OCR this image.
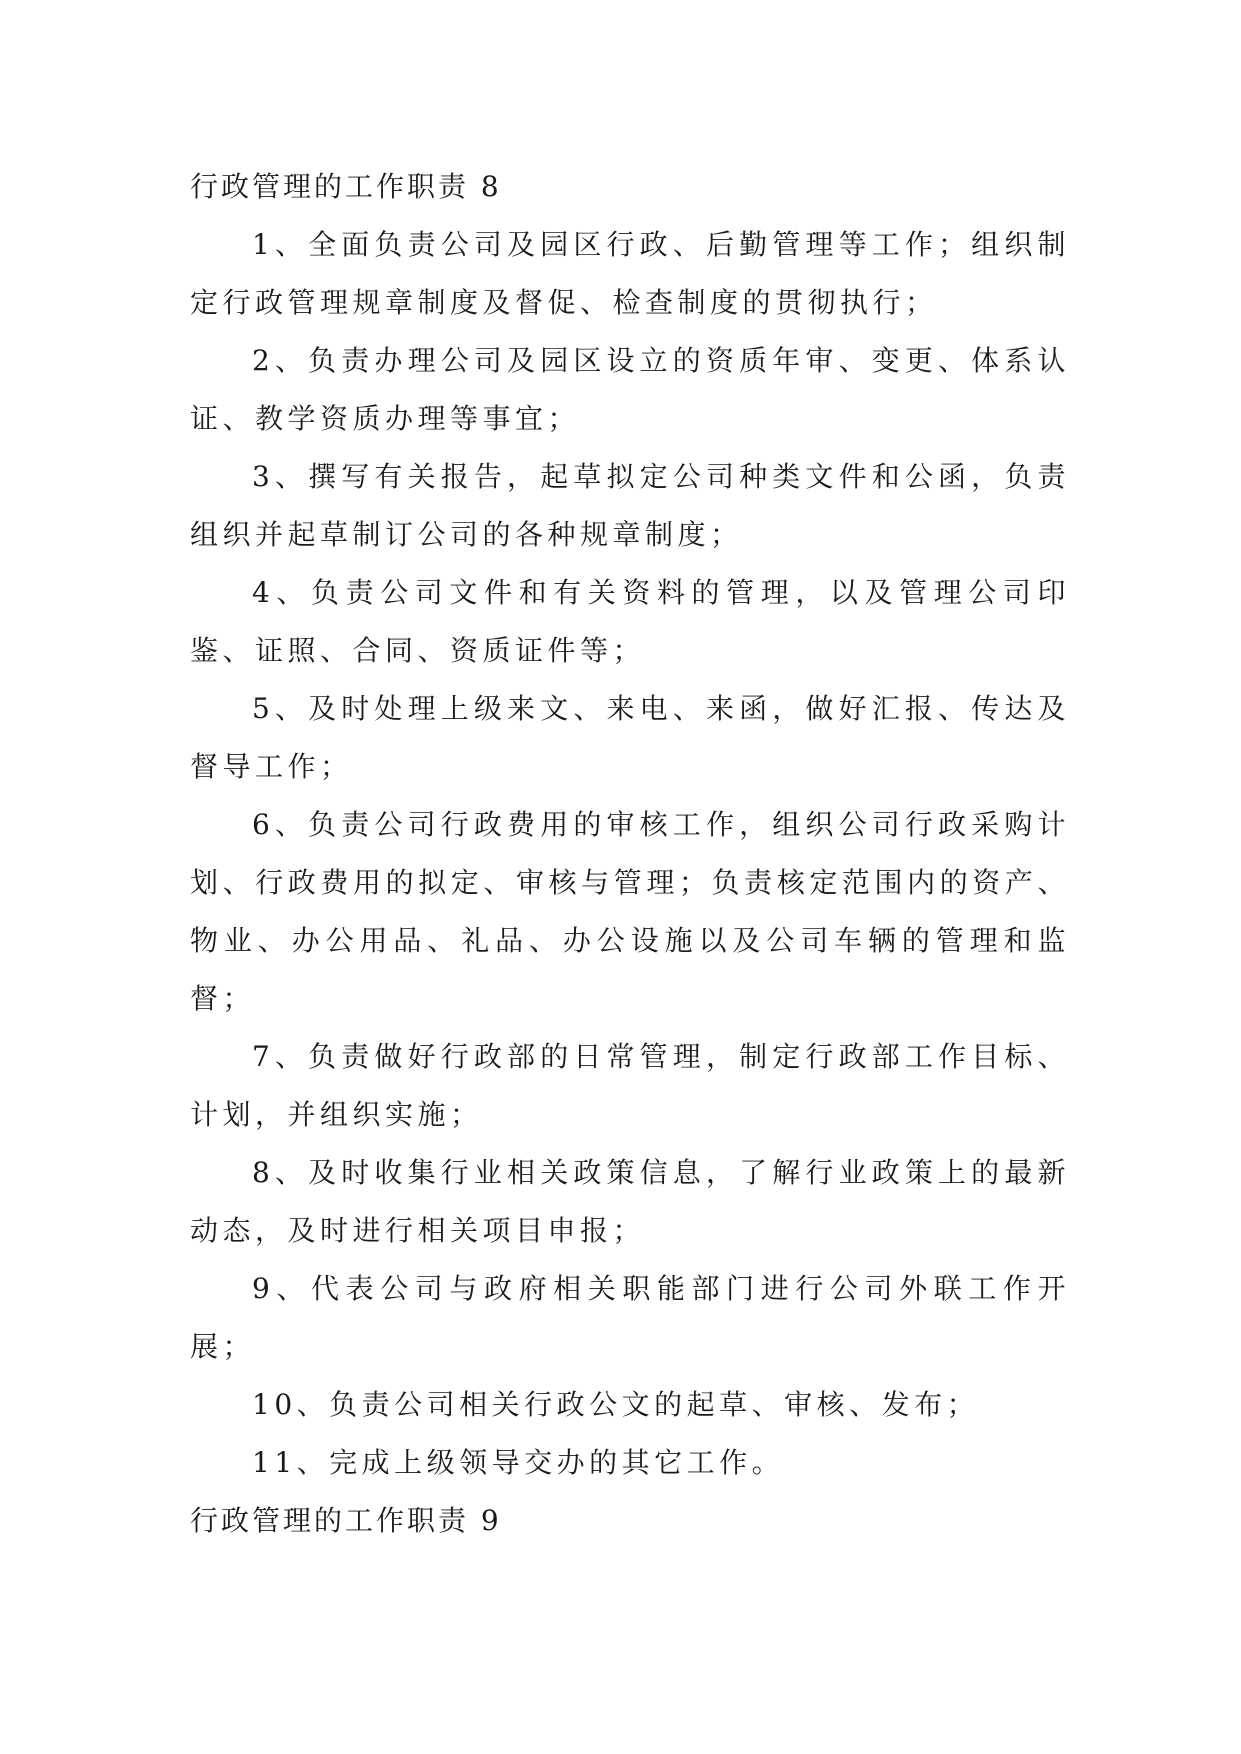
行政管理的工作职责 8

1、全面负责公司及园区行政、后勤管理等工作；组织制定行政管理规章制度及督促、检查制度的贯彻执行；

2、负责办理公司及园区设立的资质年审、变更、体系认证、教学资质办理等事宜；

3、撰写有关报告，起草拟定公司种类文件和公函，负责组织并起草制订公司的各种规章制度；

4、负责公司文件和有关资料的管理，以及管理公司印鉴、证照、合同、资质证件等；

5、及时处理上级来文、来电、来函，做好汇报、传达及督导工作；

6、负责公司行政费用的审核工作，组织公司行政采购计划、行政费用的拟定、审核与管理；负责核定范围内的资产、物业、办公用品、礼品、办公设施以及公司车辆的管理和监督；

7、负责做好行政部的日常管理，制定行政部工作目标、计划，并组织实施；

8、及时收集行业相关政策信息，了解行业政策上的最新动态，及时进行相关项目申报；

9、代表公司与政府相关职能部门进行公司外联工作开展；

10、负责公司相关行政公文的起草、审核、发布；

11、完成上级领导交办的其它工作。

行政管理的工作职责 9
